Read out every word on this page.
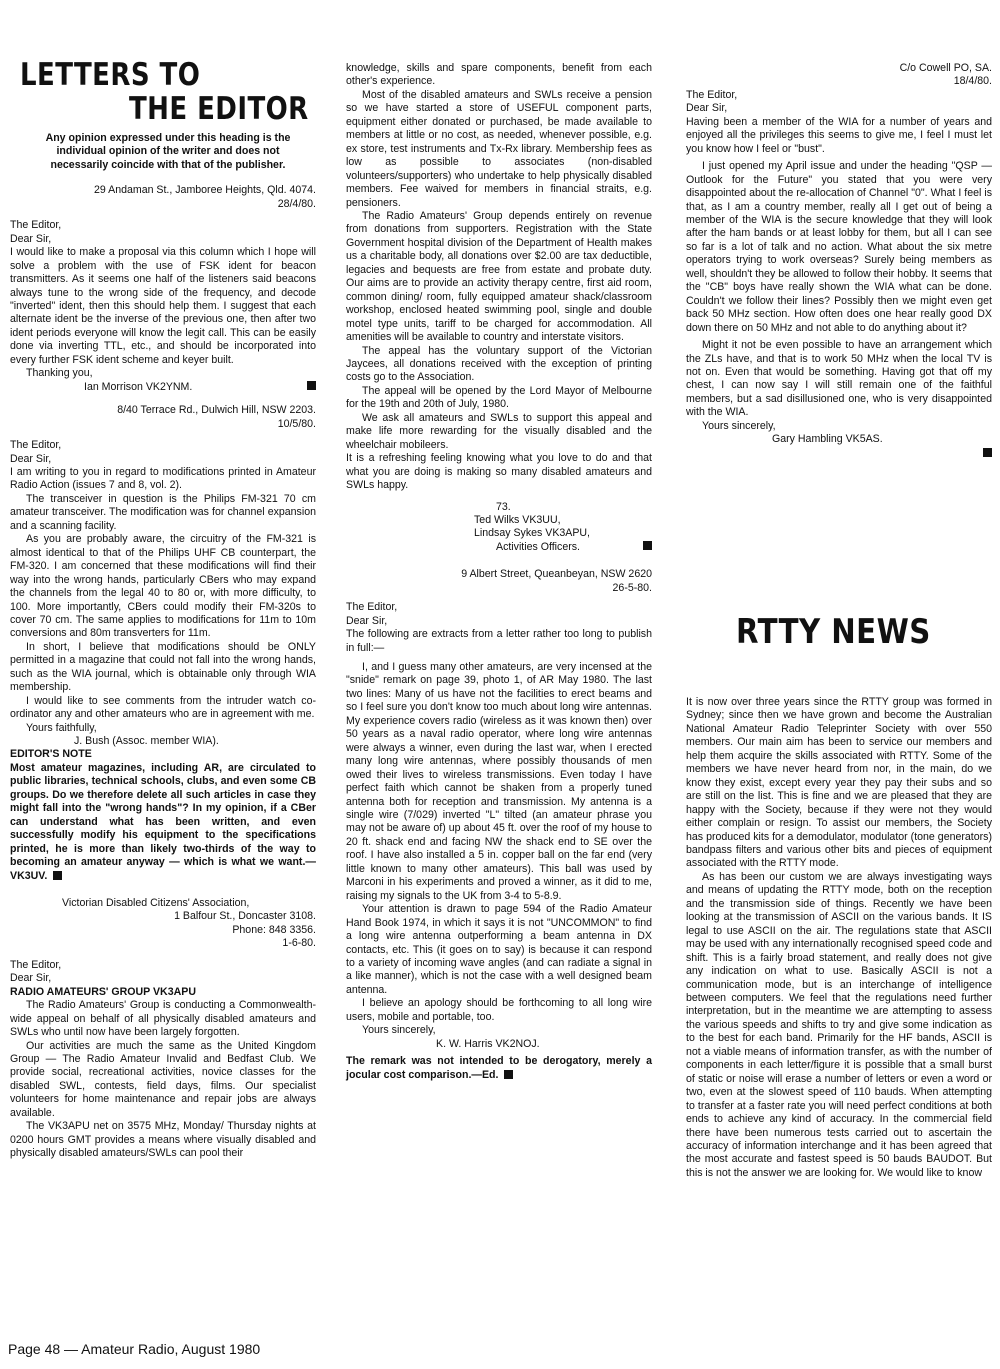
LETTERS TO
THE EDITOR

Any opinion expressed under this heading is the individual opinion of the writer and does not necessarily coincide with that of the publisher.

29 Andaman St., Jamboree Heights, Qld. 4074.

28/4/80.

The Editor,

Dear Sir,

I would like to make a proposal via this column which I hope will solve a problem with the use of FSK ident for beacon transmitters. As it seems one half of the listeners said beacons always tune to the wrong side of the frequency, and decode "inverted" ident, then this should help them. I suggest that each alternate ident be the inverse of the previous one, then after two ident periods everyone will know the legit call. This can be easily done via inverting TTL, etc., and should be incorporated into every further FSK ident scheme and keyer built.

Thanking you,

Ian Morrison VK2YNM.

8/40 Terrace Rd., Dulwich Hill, NSW 2203.

10/5/80.

The Editor,

Dear Sir,

I am writing to you in regard to modifications printed in Amateur Radio Action (issues 7 and 8, vol. 2).

The transceiver in question is the Philips FM-321 70 cm amateur transceiver. The modification was for channel expansion and a scanning facility.

As you are probably aware, the circuitry of the FM-321 is almost identical to that of the Philips UHF CB counterpart, the FM-320. I am concerned that these modifications will find their way into the wrong hands, particularly CBers who may expand the channels from the legal 40 to 80 or, with more difficulty, to 100. More importantly, CBers could modify their FM-320s to cover 70 cm. The same applies to modifications for 11m to 10m conversions and 80m transverters for 11m.

In short, I believe that modifications should be ONLY permitted in a magazine that could not fall into the wrong hands, such as the WIA journal, which is obtainable only through WIA membership.

I would like to see comments from the intruder watch co-ordinator any and other amateurs who are in agreement with me.

Yours faithfully,

J. Bush (Assoc. member WIA).

EDITOR'S NOTE

Most amateur magazines, including AR, are circulated to public libraries, technical schools, clubs, and even some CB groups. Do we therefore delete all such articles in case they might fall into the "wrong hands"? In my opinion, if a CBer can understand what has been written, and even successfully modify his equipment to the specifications printed, he is more than likely two-thirds of the way to becoming an amateur anyway — which is what we want.—VK3UV.

Victorian Disabled Citizens' Association,

1 Balfour St., Doncaster 3108.

Phone: 848 3356.

1-6-80.

The Editor,

Dear Sir,

RADIO AMATEURS' GROUP VK3APU

The Radio Amateurs' Group is conducting a Commonwealth-wide appeal on behalf of all physically disabled amateurs and SWLs who until now have been largely forgotten.

Our activities are much the same as the United Kingdom Group — The Radio Amateur Invalid and Bedfast Club. We provide social, recreational activities, novice classes for the disabled SWL, contests, field days, films. Our specialist volunteers for home maintenance and repair jobs are always available.

The VK3APU net on 3575 MHz, Monday/ Thursday nights at 0200 hours GMT provides a means where visually disabled and physically disabled amateurs/SWLs can pool their

knowledge, skills and spare components, benefit from each other's experience.

Most of the disabled amateurs and SWLs receive a pension so we have started a store of USEFUL component parts, equipment either donated or purchased, be made available to members at little or no cost, as needed, whenever possible, e.g. ex store, test instruments and Tx-Rx library. Membership fees as low as possible to associates (non-disabled volunteers/supporters) who undertake to help physically disabled members. Fee waived for members in financial straits, e.g. pensioners.

The Radio Amateurs' Group depends entirely on revenue from donations from supporters. Registration with the State Government hospital division of the Department of Health makes us a charitable body, all donations over $2.00 are tax deductible, legacies and bequests are free from estate and probate duty. Our aims are to provide an activity therapy centre, first aid room, common dining/ room, fully equipped amateur shack/classroom workshop, enclosed heated swimming pool, single and double motel type units, tariff to be charged for accommodation. All amenities will be available to country and interstate visitors.

The appeal has the voluntary support of the Victorian Jaycees, all donations received with the exception of printing costs go to the Association.

The appeal will be opened by the Lord Mayor of Melbourne for the 19th and 20th of July, 1980.

We ask all amateurs and SWLs to support this appeal and make life more rewarding for the visually disabled and the wheelchair mobileers.

It is a refreshing feeling knowing what you love to do and that what you are doing is making so many disabled amateurs and SWLs happy.

73.

Ted Wilks VK3UU,

Lindsay Sykes VK3APU,

Activities Officers.

9 Albert Street, Queanbeyan, NSW 2620

26-5-80.

The Editor,

Dear Sir,

The following are extracts from a letter rather too long to publish in full:—

I, and I guess many other amateurs, are very incensed at the "snide" remark on page 39, photo 1, of AR May 1980. The last two lines: Many of us have not the facilities to erect beams and so I feel sure you don't know too much about long wire antennas. My experience covers radio (wireless as it was known then) over 50 years as a naval radio operator, where long wire antennas were always a winner, even during the last war, when I erected many long wire antennas, where possibly thousands of men owed their lives to wireless transmissions. Even today I have perfect faith which cannot be shaken from a properly tuned antenna both for reception and transmission. My antenna is a single wire (7/029) inverted "L" tilted (an amateur phrase you may not be aware of) up about 45 ft. over the roof of my house to 20 ft. shack end and facing NW the shack end to SE over the roof. I have also installed a 5 in. copper ball on the far end (very little known to many other amateurs). This ball was used by Marconi in his experiments and proved a winner, as it did to me, raising my signals to the UK from 3-4 to 5-8.9.

Your attention is drawn to page 594 of the Radio Amateur Hand Book 1974, in which it says it is not "UNCOMMON" to find a long wire antenna outperforming a beam antenna in DX contacts, etc. This (it goes on to say) is because it can respond to a variety of incoming wave angles (and can radiate a signal in a like manner), which is not the case with a well designed beam antenna.

I believe an apology should be forthcoming to all long wire users, mobile and portable, too.

Yours sincerely,

K. W. Harris VK2NOJ.

The remark was not intended to be derogatory, merely a jocular cost comparison.—Ed.

C/o Cowell PO, SA.

18/4/80.

The Editor,

Dear Sir,

Having been a member of the WIA for a number of years and enjoyed all the privileges this seems to give me, I feel I must let you know how I feel or "bust".

I just opened my April issue and under the heading "QSP — Outlook for the Future" you stated that you were very disappointed about the re-allocation of Channel "0". What I feel is that, as I am a country member, really all I get out of being a member of the WIA is the secure knowledge that they will look after the ham bands or at least lobby for them, but all I can see so far is a lot of talk and no action. What about the six metre operators trying to work overseas? Surely being members as well, shouldn't they be allowed to follow their hobby. It seems that the "CB" boys have really shown the WIA what can be done. Couldn't we follow their lines? Possibly then we might even get back 50 MHz section. How often does one hear really good DX down there on 50 MHz and not able to do anything about it?

Might it not be even possible to have an arrangement which the ZLs have, and that is to work 50 MHz when the local TV is not on. Even that would be something. Having got that off my chest, I can now say I will still remain one of the faithful members, but a sad disillusioned one, who is very disappointed with the WIA.

Yours sincerely,

Gary Hambling VK5AS.

RTTY NEWS

It is now over three years since the RTTY group was formed in Sydney; since then we have grown and become the Australian National Amateur Radio Teleprinter Society with over 550 members. Our main aim has been to service our members and help them acquire the skills associated with RTTY. Some of the members we have never heard from nor, in the main, do we know they exist, except every year they pay their subs and so are still on the list. This is fine and we are pleased that they are happy with the Society, because if they were not they would either complain or resign. To assist our members, the Society has produced kits for a demodulator, modulator (tone generators) bandpass filters and various other bits and pieces of equipment associated with the RTTY mode.

As has been our custom we are always investigating ways and means of updating the RTTY mode, both on the reception and the transmission side of things. Recently we have been looking at the transmission of ASCII on the various bands. It IS legal to use ASCII on the air. The regulations state that ASCII may be used with any internationally recognised speed code and shift. This is a fairly broad statement, and really does not give any indication on what to use. Basically ASCII is not a communication mode, but is an interchange of intelligence between computers. We feel that the regulations need further interpretation, but in the meantime we are attempting to assess the various speeds and shifts to try and give some indication as to the best for each band. Primarily for the HF bands, ASCII is not a viable means of information transfer, as with the number of components in each letter/figure it is possible that a small burst of static or noise will erase a number of letters or even a word or two, even at the slowest speed of 110 bauds. When attempting to transfer at a faster rate you will need perfect conditions at both ends to achieve any kind of accuracy. In the commercial field there have been numerous tests carried out to ascertain the accuracy of information interchange and it has been agreed that the most accurate and fastest speed is 50 bauds BAUDOT. But this is not the answer we are looking for. We would like to know

Page 48 — Amateur Radio, August 1980
